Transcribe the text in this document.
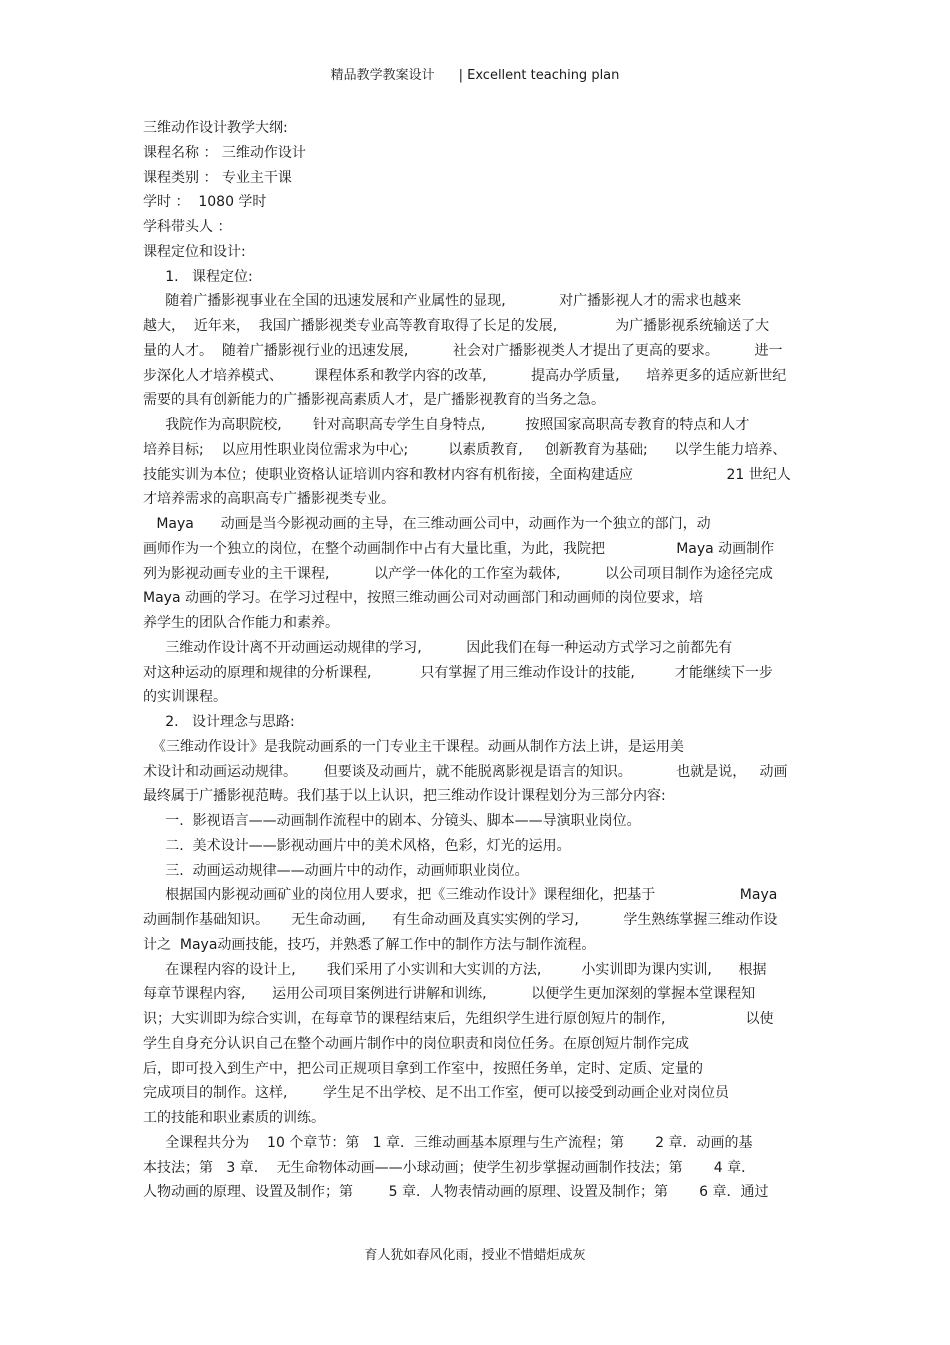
精品教学教案设计 | Excellent teaching plan
三维动作设计教学大纲:
课程名称 ： 三维动作设计
课程类别 ： 专业主干课
学时 ：  1080 学时
学科带头人 ：
课程定位和设计:
1.   课程定位:
随着广播影视事业在全国的迅速发展和产业属性的显现,            对广播影视人才的需求也越来
越大，  近年来，  我国广播影视类专业高等教育取得了长足的发展,             为广播影视系统输送了大
量的人才。  随着广播影视行业的迅速发展,          社会对广播影视类人才提出了更高的要求。        进一
步深化人才培养模式、       课程体系和教学内容的改革,          提高办学质量,      培养更多的适应新世纪
需要的具有创新能力的广播影视高素质人才，是广播影视教育的当务之急。
我院作为高职院校,       针对高职高专学生自身特点,         按照国家高职高专教育的特点和人才
培养目标;    以应用性职业岗位需求为中心;         以素质教育,     创新教育为基础;      以学生能力培养、
技能实训为本位；使职业资格认证培训内容和教材内容有机衔接，全面构建适应                     21 世纪人
才培养需求的高职高专广播影视类专业。
Maya      动画是当今影视动画的主导，在三维动画公司中，动画作为一个独立的部门，动
画师作为一个独立的岗位，在整个动画制作中占有大量比重，为此，我院把                Maya 动画制作
列为影视动画专业的主干课程,          以产学一体化的工作室为载体,          以公司项目制作为途径完成
Maya 动画的学习。在学习过程中，按照三维动画公司对动画部门和动画师的岗位要求，培
养学生的团队合作能力和素养。
三维动作设计离不开动画运动规律的学习,          因此我们在每一种运动方式学习之前都先有
对这种运动的原理和规律的分析课程,           只有掌握了用三维动作设计的技能,         才能继续下一步
的实训课程。
2.   设计理念与思路:
《三维动作设计》是我院动画系的一门专业主干课程。动画从制作方法上讲，是运用美
术设计和动画运动规律。      但要谈及动画片，就不能脱离影视是语言的知识。          也就是说，   动画
最终属于广播影视范畴。我们基于以上认识，把三维动作设计课程划分为三部分内容:
一.  影视语言——动画制作流程中的剧本、分镜头、脚本——导演职业岗位。
二.  美术设计——影视动画片中的美术风格，色彩，灯光的运用。
三.  动画运动规律——动画片中的动作，动画师职业岗位。
根据国内影视动画矿业的岗位用人要求，把《三维动作设计》课程细化，把基于                   Maya
动画制作基础知识。     无生命动画,      有生命动画及真实实例的学习,          学生熟练掌握三维动作设
计之  Maya动画技能，技巧，并熟悉了解工作中的制作方法与制作流程。
在课程内容的设计上,       我们采用了小实训和大实训的方法,         小实训即为课内实训,      根据
每章节课程内容,      运用公司项目案例进行讲解和训练,          以便学生更加深刻的掌握本堂课程知
识；大实训即为综合实训，在每章节的课程结束后，先组织学生进行原创短片的制作,                  以使
学生自身充分认识自己在整个动画片制作中的岗位职责和岗位任务。在原创短片制作完成
后，即可投入到生产中，把公司正规项目拿到工作室中，按照任务单，定时、定质、定量的
完成项目的制作。这样,        学生足不出学校、足不出工作室，便可以接受到动画企业对岗位员
工的技能和职业素质的训练。
全课程共分为    10 个章节：第   1 章．三维动画基本原理与生产流程；第       2 章．动画的基
本技法；第   3 章．  无生命物体动画——小球动画；使学生初步掌握动画制作技法；第       4 章．
人物动画的原理、设置及制作；第        5 章．人物表情动画的原理、设置及制作；第       6 章．通过
育人犹如春风化雨，授业不惜蜡炬成灰
